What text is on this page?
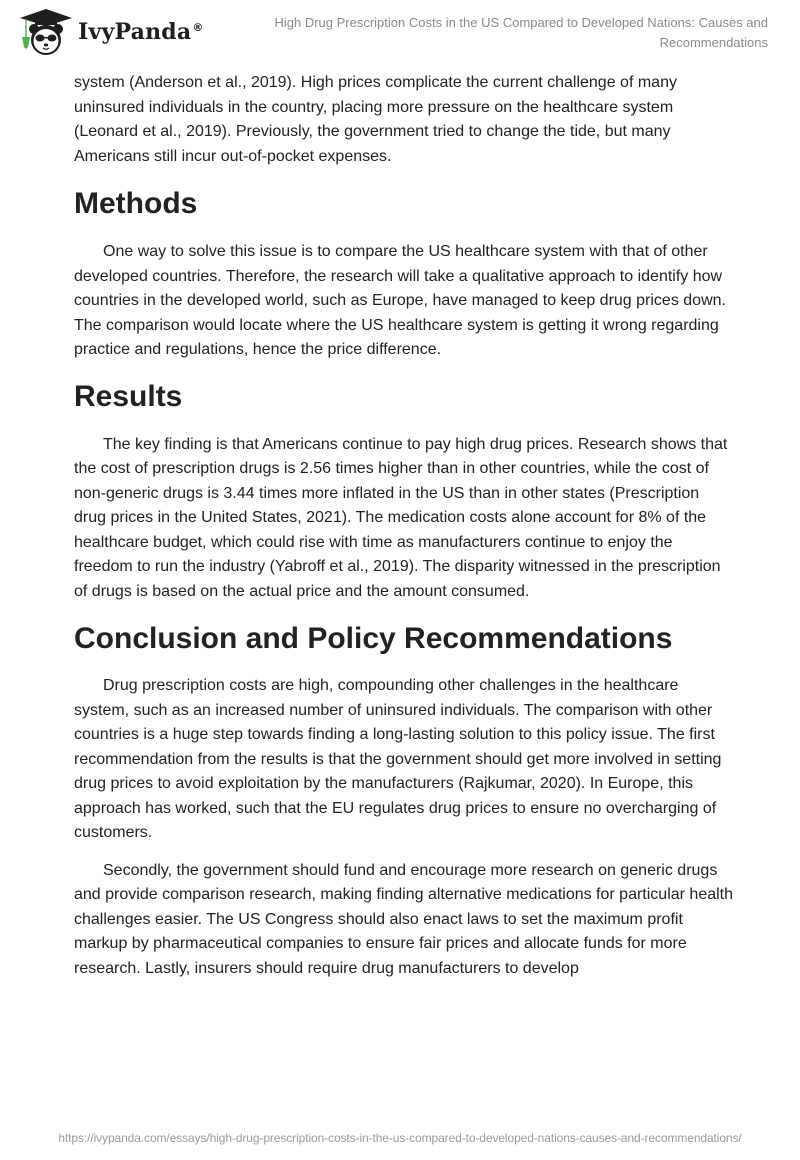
IvyPanda®	High Drug Prescription Costs in the US Compared to Developed Nations: Causes and Recommendations

system (Anderson et al., 2019). High prices complicate the current challenge of many uninsured individuals in the country, placing more pressure on the healthcare system (Leonard et al., 2019). Previously, the government tried to change the tide, but many Americans still incur out-of-pocket expenses.

Methods

One way to solve this issue is to compare the US healthcare system with that of other developed countries. Therefore, the research will take a qualitative approach to identify how countries in the developed world, such as Europe, have managed to keep drug prices down. The comparison would locate where the US healthcare system is getting it wrong regarding practice and regulations, hence the price difference.

Results

The key finding is that Americans continue to pay high drug prices. Research shows that the cost of prescription drugs is 2.56 times higher than in other countries, while the cost of non-generic drugs is 3.44 times more inflated in the US than in other states (Prescription drug prices in the United States, 2021). The medication costs alone account for 8% of the healthcare budget, which could rise with time as manufacturers continue to enjoy the freedom to run the industry (Yabroff et al., 2019). The disparity witnessed in the prescription of drugs is based on the actual price and the amount consumed.

Conclusion and Policy Recommendations

Drug prescription costs are high, compounding other challenges in the healthcare system, such as an increased number of uninsured individuals. The comparison with other countries is a huge step towards finding a long-lasting solution to this policy issue. The first recommendation from the results is that the government should get more involved in setting drug prices to avoid exploitation by the manufacturers (Rajkumar, 2020). In Europe, this approach has worked, such that the EU regulates drug prices to ensure no overcharging of customers.

Secondly, the government should fund and encourage more research on generic drugs and provide comparison research, making finding alternative medications for particular health challenges easier. The US Congress should also enact laws to set the maximum profit markup by pharmaceutical companies to ensure fair prices and allocate funds for more research. Lastly, insurers should require drug manufacturers to develop

https://ivypanda.com/essays/high-drug-prescription-costs-in-the-us-compared-to-developed-nations-causes-and-recommendations/
